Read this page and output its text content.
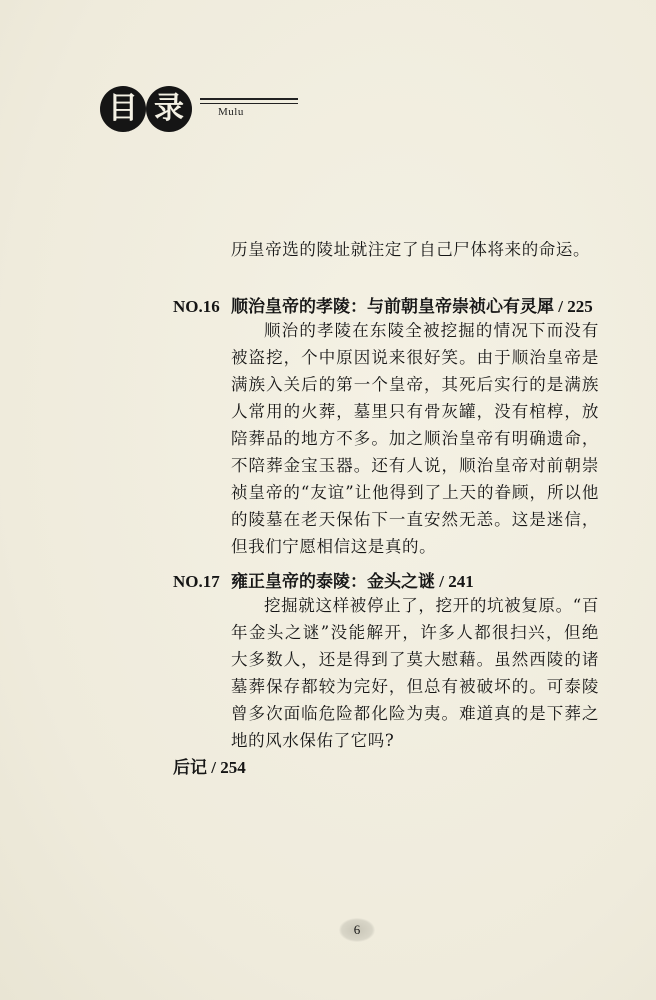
目 录	Mulu

历皇帝选的陵址就注定了自己尸体将来的命运。

NO.16 顺治皇帝的孝陵：与前朝皇帝崇祯心有灵犀 / 225

顺治的孝陵在东陵全被挖掘的情况下而没有被盗挖，个中原因说来很好笑。由于顺治皇帝是满族入关后的第一个皇帝，其死后实行的是满族人常用的火葬，墓里只有骨灰罐，没有棺椁，放陪葬品的地方不多。加之顺治皇帝有明确遗命，不陪葬金宝玉器。还有人说，顺治皇帝对前朝崇祯皇帝的“友谊”让他得到了上天的眷顾，所以他的陵墓在老天保佑下一直安然无恙。这是迷信，但我们宁愿相信这是真的。

NO.17 雍正皇帝的泰陵：金头之谜 / 241

挖掘就这样被停止了，挖开的坑被复原。“百年金头之谜”没能解开，许多人都很扫兴，但绝大多数人，还是得到了莫大慰藉。虽然西陵的诸墓葬保存都较为完好，但总有被破坏的。可泰陵曾多次面临危险都化险为夷。难道真的是下葬之地的风水保佑了它吗?

后记 / 254
6
